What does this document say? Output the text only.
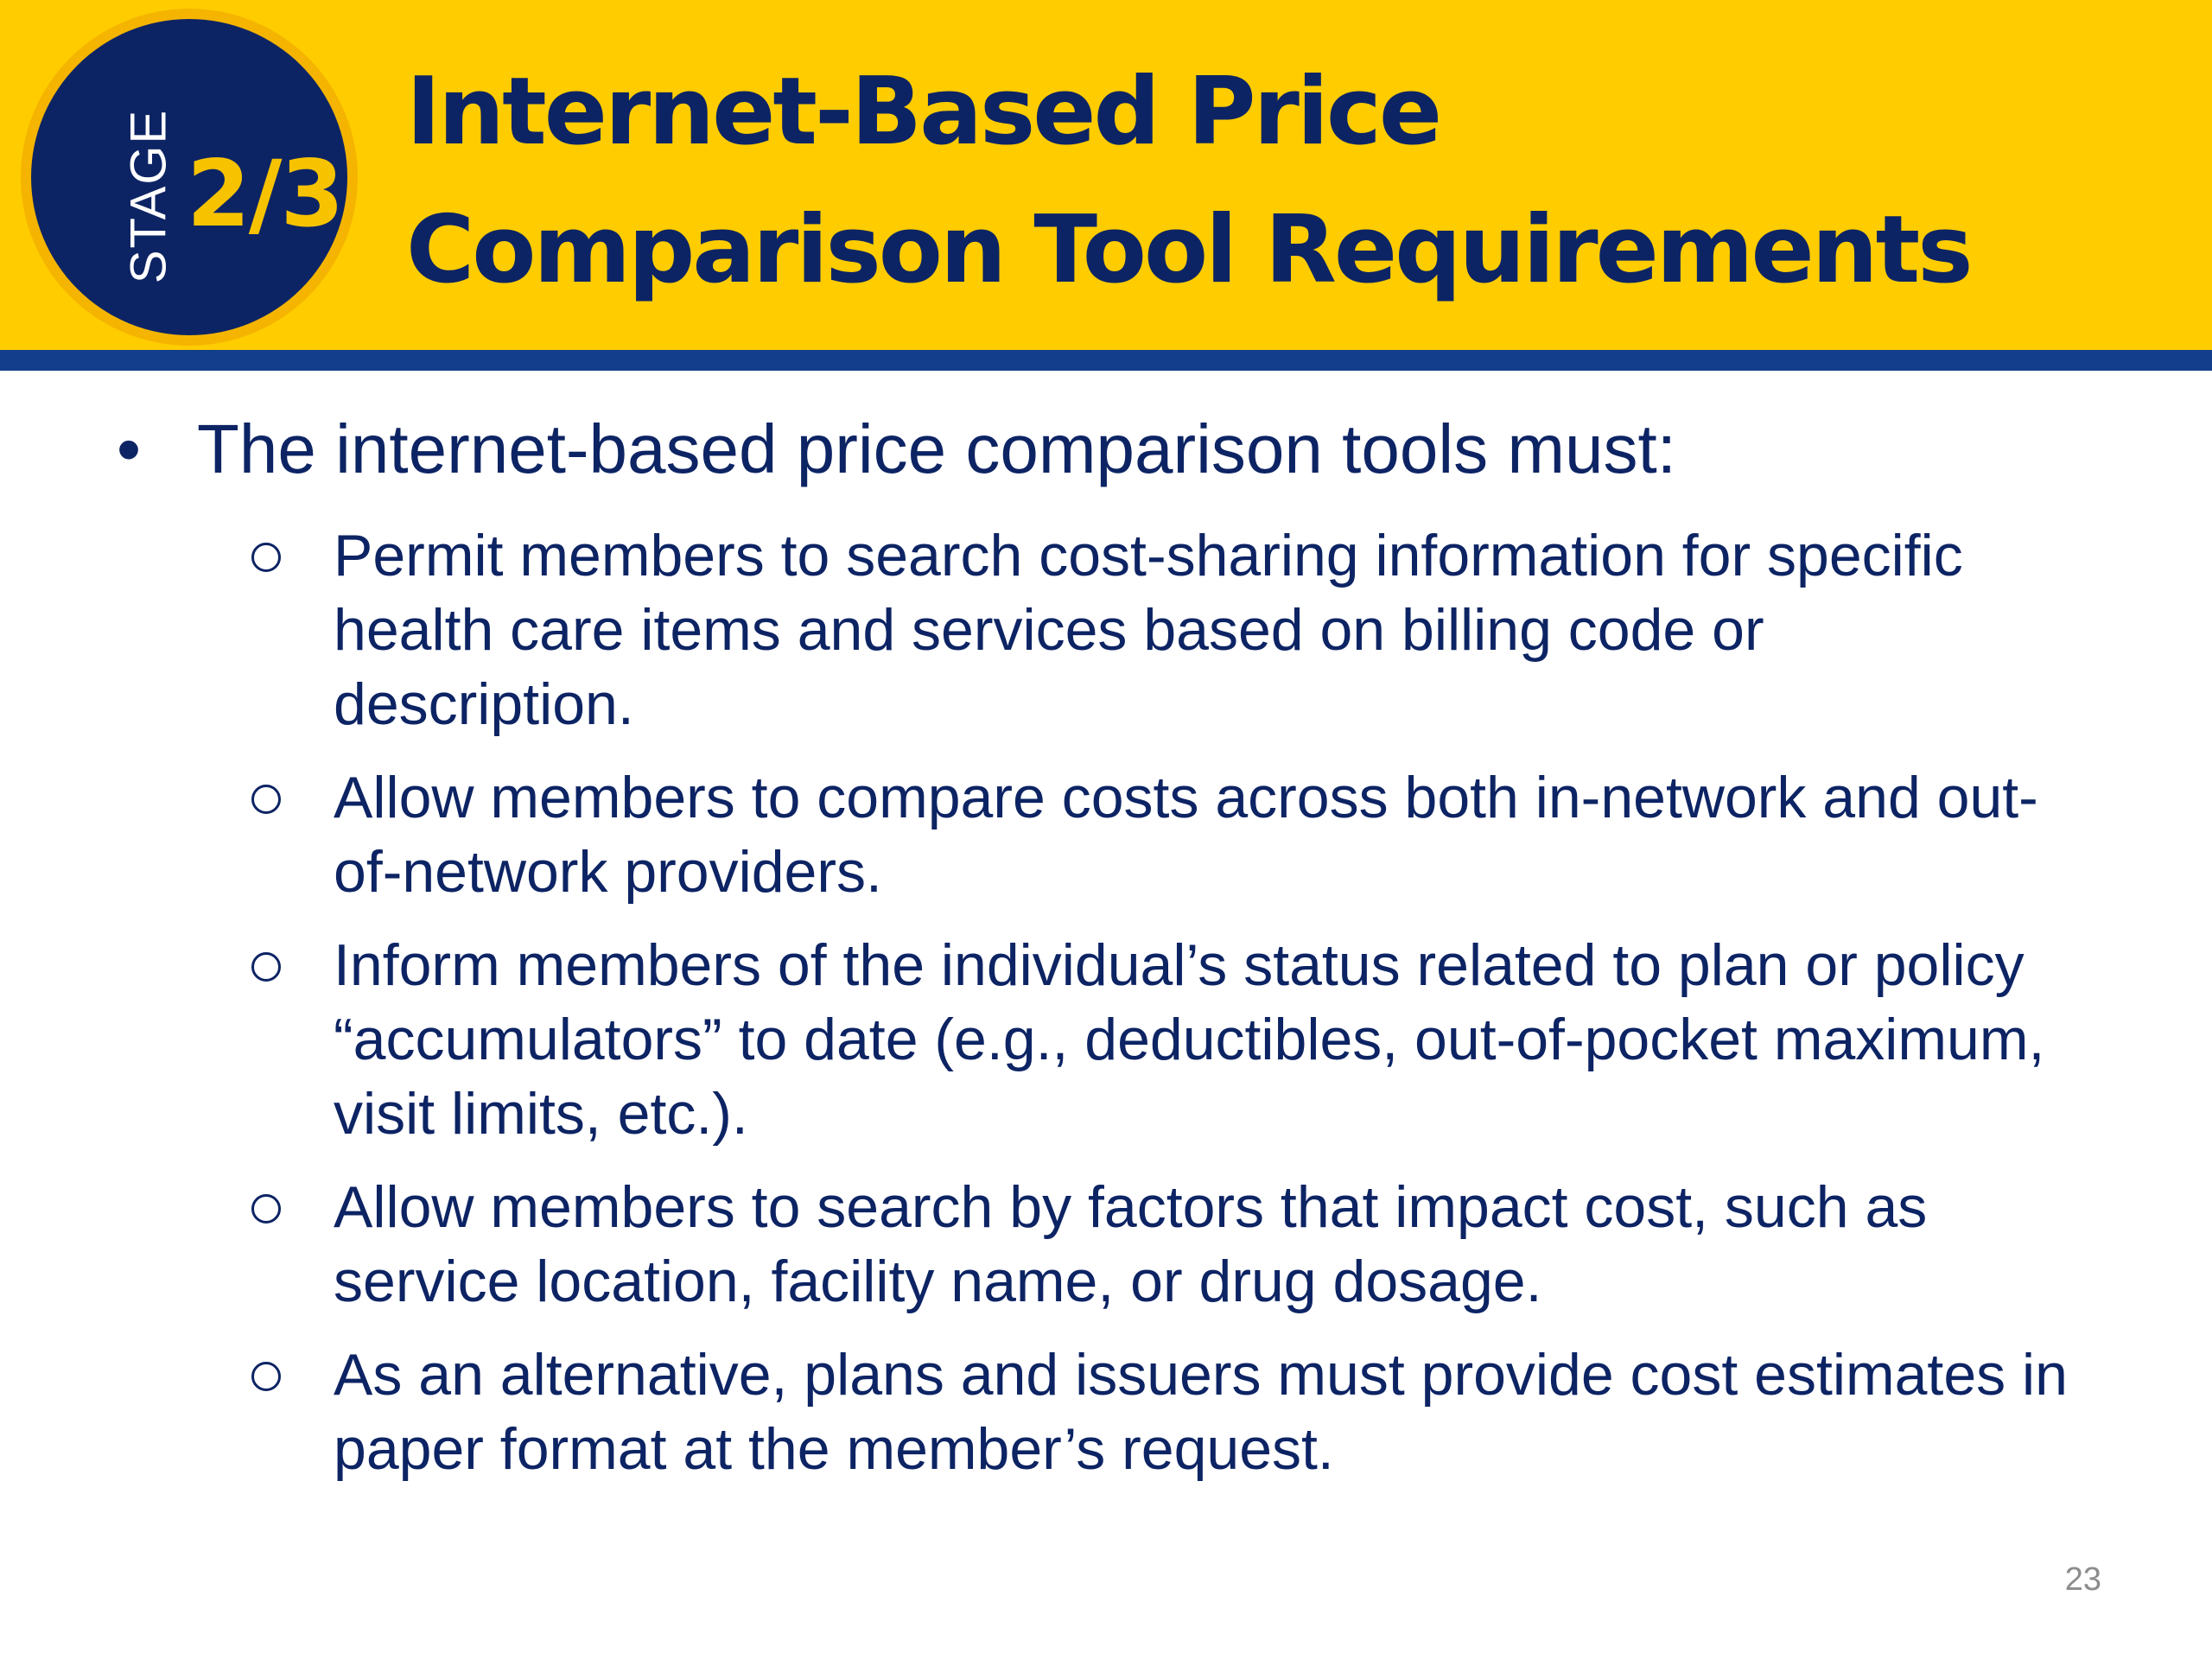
STAGE 2/3
Internet-Based Price
Comparison Tool Requirements
• The internet-based price comparison tools must:
Permit members to search cost-sharing information for specific health care items and services based on billing code or description.
Allow members to compare costs across both in-network and out-of-network providers.
Inform members of the individual’s status related to plan or policy “accumulators” to date (e.g., deductibles, out-of-pocket maximum, visit limits, etc.).
Allow members to search by factors that impact cost, such as service location, facility name, or drug dosage.
As an alternative, plans and issuers must provide cost estimates in paper format at the member’s request.
23
